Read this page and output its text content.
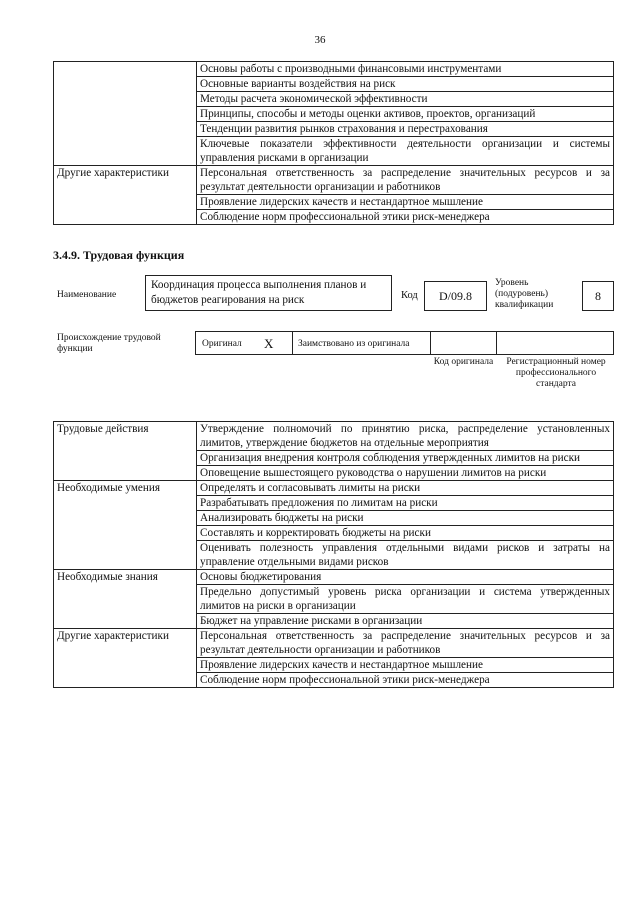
36
	Основы работы с производными финансовыми инструментами
	Основные варианты воздействия на риск
	Методы расчета экономической эффективности
	Принципы, способы и методы оценки активов, проектов, организаций
	Тенденции развития рынков страхования и перестрахования
	Ключевые показатели эффективности деятельности организации и системы управления рисками в организации
Другие характеристики	Персональная ответственность за распределение значительных ресурсов и за результат деятельности организации и работников
	Проявление лидерских качеств и нестандартное мышление
	Соблюдение норм профессиональной этики риск-менеджера
3.4.9. Трудовая функция
Наименование
Координация процесса выполнения планов и бюджетов реагирования на риск	Код	D/09.8
Уровень (подуровень) квалификации
8
Происхождение трудовой функции	Оригинал X	Заимствовано из оригинала
Код оригинала	Регистрационный номер профессионального стандарта
Трудовые действия	Утверждение полномочий по принятию риска, распределение установленных лимитов, утверждение бюджетов на отдельные мероприятия
	Организация внедрения контроля соблюдения утвержденных лимитов на риски
	Оповещение вышестоящего руководства о нарушении лимитов на риски
Необходимые умения	Определять и согласовывать лимиты на риски
	Разрабатывать предложения по лимитам на риски
	Анализировать бюджеты на риски
	Составлять и корректировать бюджеты на риски
	Оценивать полезность управления отдельными видами рисков и затраты на управление отдельными видами рисков
Необходимые знания	Основы бюджетирования
	Предельно допустимый уровень риска организации и система утвержденных лимитов на риски в организации
	Бюджет на управление рисками в организации
Другие характеристики	Персональная ответственность за распределение значительных ресурсов и за результат деятельности организации и работников
	Проявление лидерских качеств и нестандартное мышление
	Соблюдение норм профессиональной этики риск-менеджера
